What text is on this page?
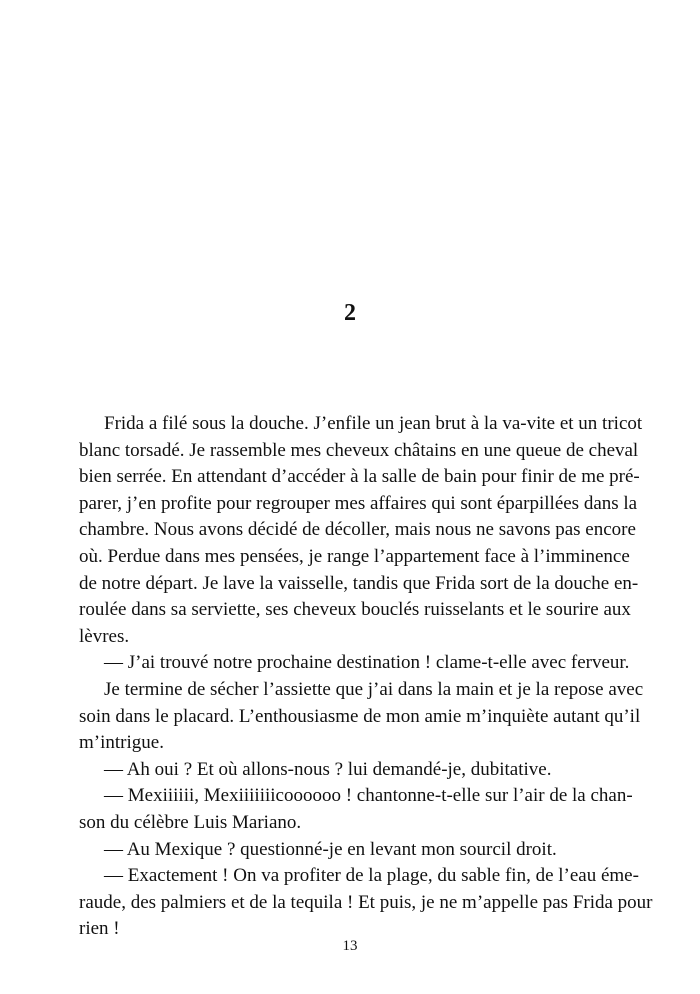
2
Frida a filé sous la douche. J’enfile un jean brut à la va-vite et un tricot
blanc torsadé. Je rassemble mes cheveux châtains en une queue de cheval
bien serrée. En attendant d’accéder à la salle de bain pour finir de me pré-
parer, j’en profite pour regrouper mes affaires qui sont éparpillées dans la
chambre. Nous avons décidé de décoller, mais nous ne savons pas encore
où. Perdue dans mes pensées, je range l’appartement face à l’imminence
de notre départ. Je lave la vaisselle, tandis que Frida sort de la douche en-
roulée dans sa serviette, ses cheveux bouclés ruisselants et le sourire aux
lèvres.
— J’ai trouvé notre prochaine destination ! clame-t-elle avec ferveur.
Je termine de sécher l’assiette que j’ai dans la main et je la repose avec
soin dans le placard. L’enthousiasme de mon amie m’inquiète autant qu’il
m’intrigue.
— Ah oui ? Et où allons-nous ? lui demandé-je, dubitative.
— Mexiiiiii, Mexiiiiiiicoooooo ! chantonne-t-elle sur l’air de la chan-
son du célèbre Luis Mariano.
— Au Mexique ? questionné-je en levant mon sourcil droit.
— Exactement ! On va profiter de la plage, du sable fin, de l’eau éme-
raude, des palmiers et de la tequila ! Et puis, je ne m’appelle pas Frida pour
rien !
13
